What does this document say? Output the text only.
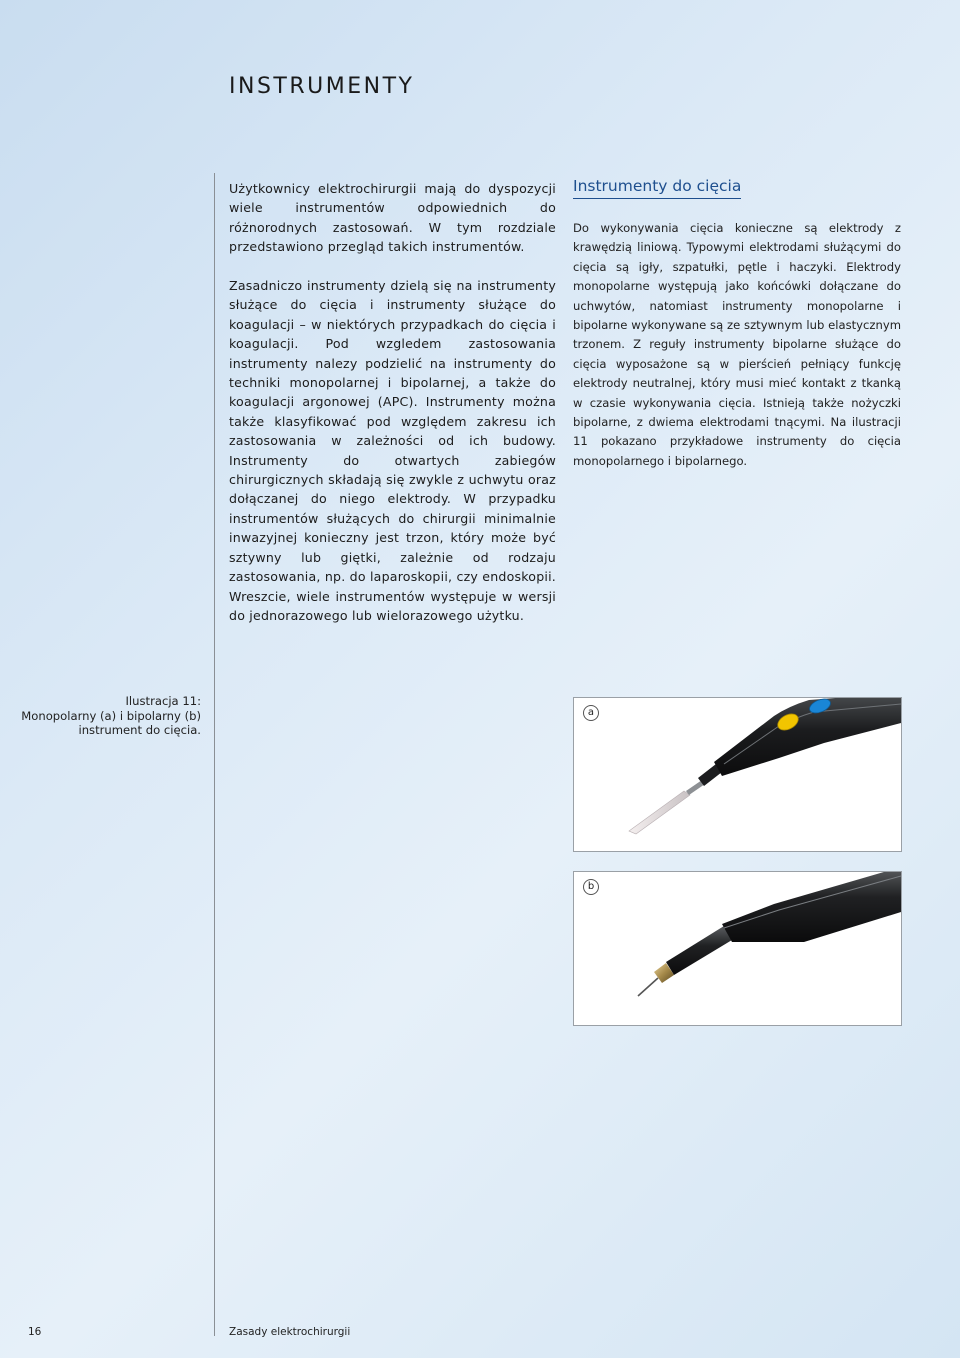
INSTRUMENTY

Użytkownicy elektrochirurgii mają do dyspozycji wiele instrumentów odpowiednich do różnorodnych zastosowań. W tym rozdziale przedstawiono przegląd takich instrumentów.

Zasadniczo instrumenty dzielą się na instrumenty służące do cięcia i instrumenty służące do koagulacji – w niektórych przypadkach do cięcia i koagulacji. Pod wzgledem zastosowania instrumenty nalezy podzielić na instrumenty do techniki monopolarnej i bipolarnej, a także do koagulacji argonowej (APC). Instrumenty można także klasyfikować pod względem zakresu ich zastosowania w zależności od ich budowy. Instrumenty do otwartych zabiegów chirurgicznych składają się zwykle z uchwytu oraz dołączanej do niego elektrody. W przypadku instrumentów służących do chirurgii minimalnie inwazyjnej konieczny jest trzon, który może być sztywny lub giętki, zależnie od rodzaju zastosowania, np. do laparoskopii, czy endoskopii. Wreszcie, wiele instrumentów występuje w wersji do jednorazowego lub wielorazowego użytku.

Instrumenty do cięcia

Do wykonywania cięcia konieczne są elektrody z krawędzią liniową. Typowymi elektrodami służącymi do cięcia są igły, szpatułki, pętle i haczyki. Elektrody monopolarne występują jako końcówki dołączane do uchwytów, natomiast instrumenty monopolarne i bipolarne wykonywane są ze sztywnym lub elastycznym trzonem. Z reguły instrumenty bipolarne służące do cięcia wyposażone są w pierścień pełniący funkcję elektrody neutralnej, który musi mieć kontakt z tkanką w czasie wykonywania cięcia. Istnieją także nożyczki bipolarne, z dwiema elektrodami tnącymi. Na ilustracji 11 pokazano przykładowe instrumenty do cięcia monopolarnego i bipolarnego.

Ilustracja 11:
Monopolarny (a) i bipolarny (b)
instrument do cięcia.
a
b
16	Zasady elektrochirurgii
